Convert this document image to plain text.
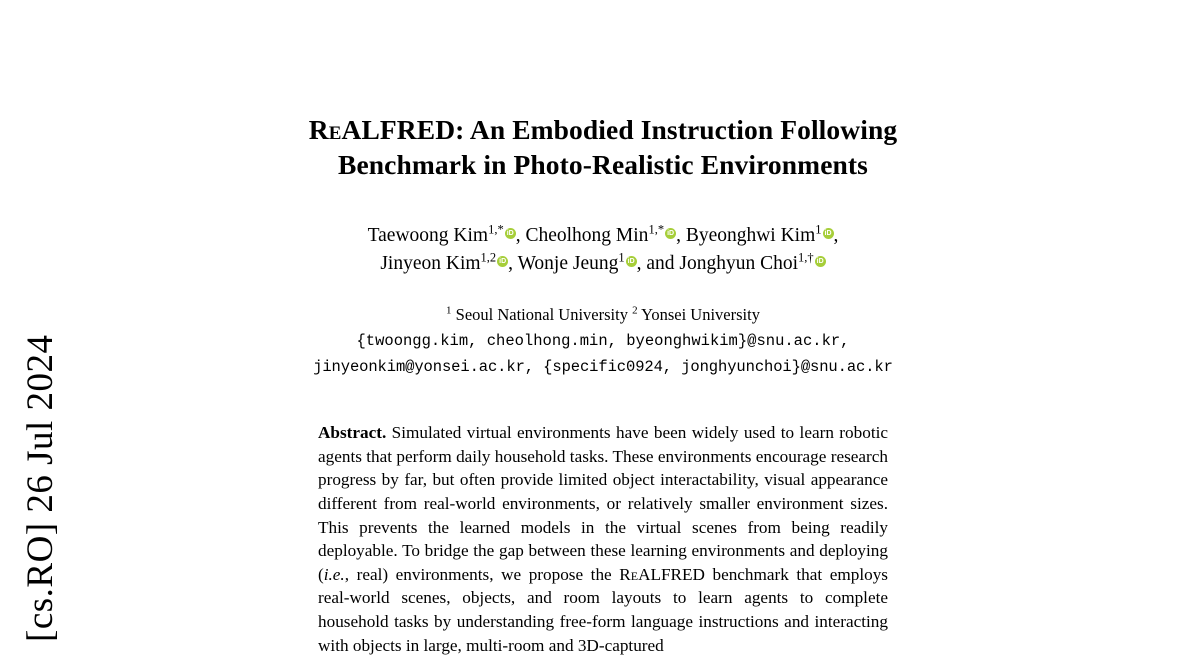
[cs.RO] 26 Jul 2024
ReALFRED: An Embodied Instruction Following
Benchmark in Photo-Realistic Environments
Taewoong Kim$^{1,*}$ iD , Cheolhong Min$^{1,*}$ iD , Byeonghwi Kim$^1$ iD ,
Jinyeon Kim$^{1,2}$ iD , Wonje Jeung$^1$ iD , and Jonghyun Choi$^{1,\dagger}$iD
$^1$ Seoul National University $^2$ Yonsei University
{twoongg.kim, cheolhong.min, byeonghwikim}@snu.ac.kr,
jinyeonkim@yonsei.ac.kr, {specific0924, jonghyunchoi}@snu.ac.kr
Abstract. Simulated virtual environments have been widely used to learn robotic agents that perform daily household tasks. These environments encourage research progress by far, but often provide limited object interactability, visual appearance different from real-world environments, or relatively smaller environment sizes. This prevents the learned models in the virtual scenes from being readily deployable. To bridge the gap between these learning environments and deploying (i.e., real) environments, we propose the ReALFRED benchmark that employs real-world scenes, objects, and room layouts to learn agents to complete household tasks by understanding free-form language instructions and interacting with objects in large, multi-room and 3D-captured
